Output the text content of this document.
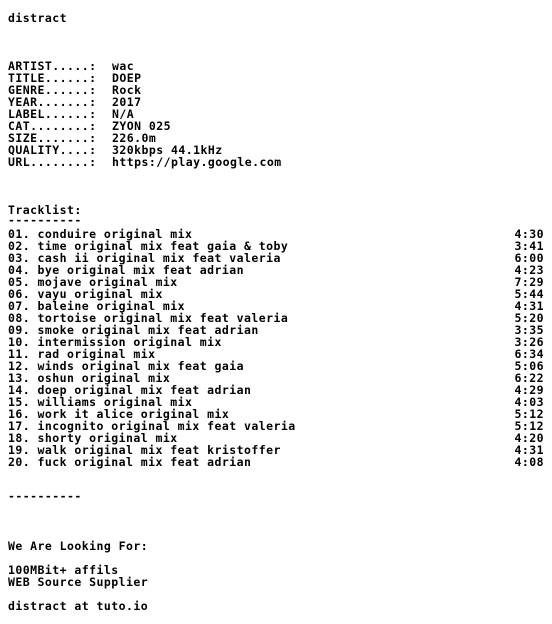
distract
ARTIST.....: wac
TITLE......: DOEP
GENRE......: Rock
YEAR.......: 2017
LABEL......: N/A
CAT........: ZYON 025
SIZE.......: 226.0m
QUALITY....: 320kbps 44.1kHz
URL........: https://play.google.com
Tracklist:
----------
01. conduire original mix	4:30
02. time original mix feat gaia & toby	3:41
03. cash ii original mix feat valeria	6:00
04. bye original mix feat adrian	4:23
05. mojave original mix	7:29
06. vayu original mix	5:44
07. baleine original mix	4:31
08. tortoise original mix feat valeria	5:20
09. smoke original mix feat adrian	3:35
10. intermission original mix	3:26
11. rad original mix	6:34
12. winds original mix feat gaia	5:06
13. oshun original mix	6:22
14. doep original mix feat adrian	4:29
15. williams original mix	4:03
16. work it alice original mix	5:12
17. incognito original mix feat valeria	5:12
18. shorty original mix	4:20
19. walk original mix feat kristoffer	4:31
20. fuck original mix feat adrian	4:08
----------
We Are Looking For:
100MBit+ affils
WEB Source Supplier
distract at tuto.io
